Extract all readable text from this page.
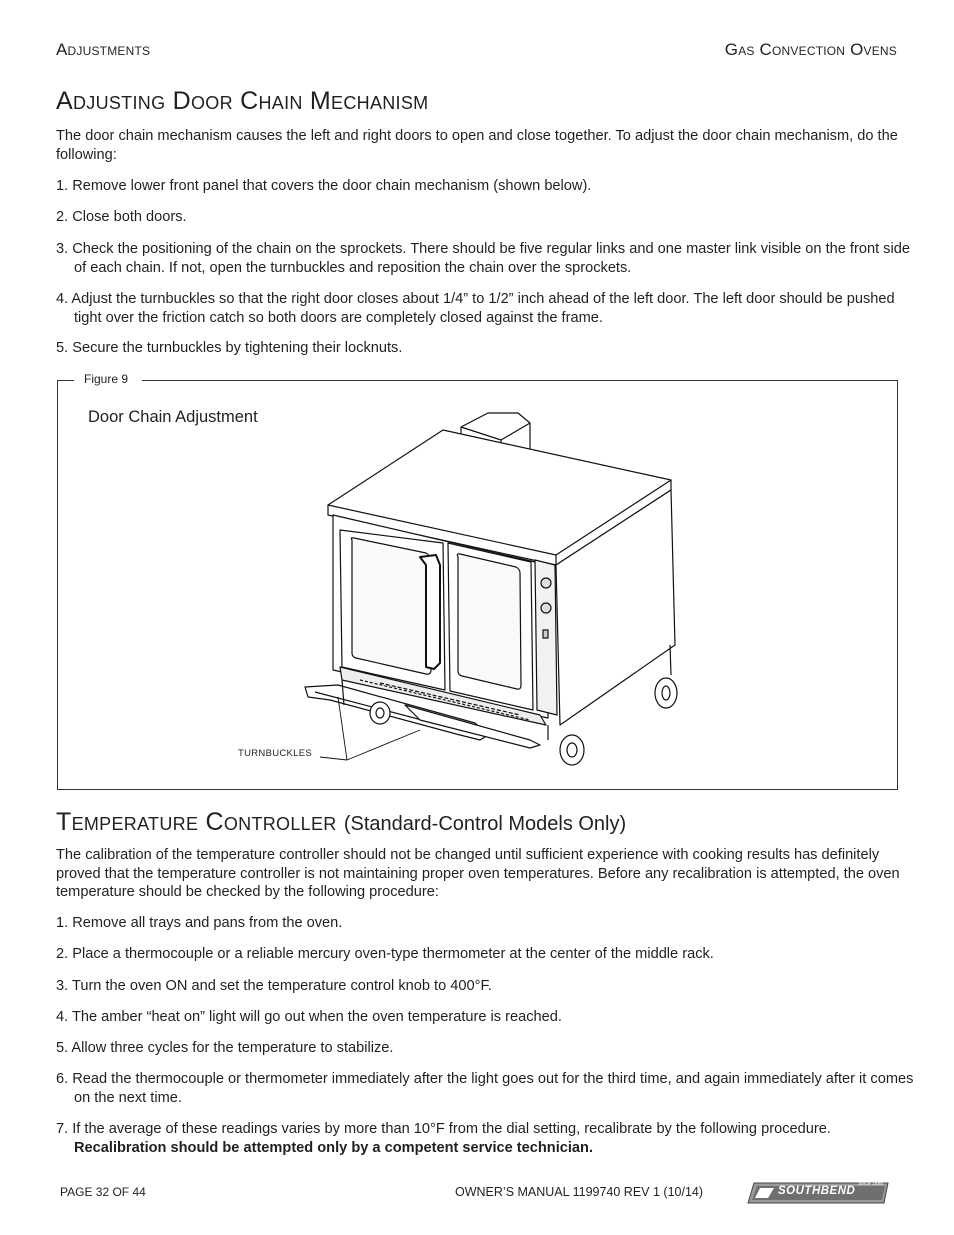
Adjustments	Gas Convection Ovens
Adjusting Door Chain Mechanism
The door chain mechanism causes the left and right doors to open and close together. To adjust the door chain mechanism, do the following:
1. Remove lower front panel that covers the door chain mechanism (shown below).
2. Close both doors.
3. Check the positioning of the chain on the sprockets. There should be five regular links and one master link visible on the front side of each chain. If not, open the turnbuckles and reposition the chain over the sprockets.
4. Adjust the turnbuckles so that the right door closes about 1/4” to 1/2” inch ahead of the left door. The left door should be pushed tight over the friction catch so both doors are completely closed against the frame.
5. Secure the turnbuckles by tightening their locknuts.
Figure 9
Door Chain Adjustment
TURNBUCKLES
Temperature Controller (Standard-Control Models Only)
The calibration of the temperature controller should not be changed until sufficient experience with cooking results has definitely proved that the temperature controller is not maintaining proper oven temperatures. Before any recalibration is attempted, the oven temperature should be checked by the following procedure:
1. Remove all trays and pans from the oven.
2. Place a thermocouple or a reliable mercury oven-type thermometer at the center of the middle rack.
3. Turn the oven ON and set the temperature control knob to 400°F.
4. The amber “heat on” light will go out when the oven temperature is reached.
5. Allow three cycles for the temperature to stabilize.
6. Read the thermocouple or thermometer immediately after the light goes out for the third time, and again immediately after it comes on the next time.
7. If the average of these readings varies by more than 10°F from the dial setting, recalibrate by the following procedure.
Recalibration should be attempted only by a competent service technician.
PAGE 32 OF 44	OWNER’S MANUAL 1199740 REV 1 (10/14)	SOUTHBEND
Since 1898
